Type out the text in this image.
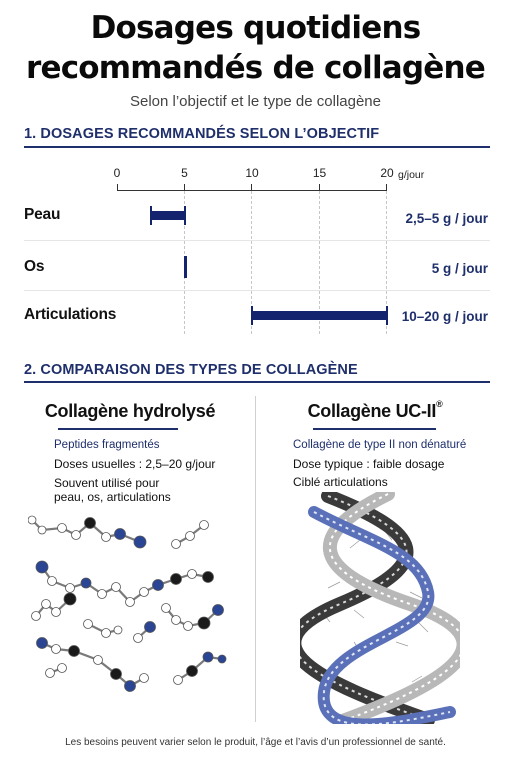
Dosages quotidiens
recommandés de collagène
Selon l’objectif et le type de collagène
1. DOSAGES RECOMMANDÉS SELON L’OBJECTIF
0	5	10	15	20 g/jour
Peau	2,5–5 g / jour
Os	5 g / jour
Articulations	10–20 g / jour
2. COMPARAISON DES TYPES DE COLLAGÈNE
Collagène hydrolysé
Peptides fragmentés
Doses usuelles : 2,5–20 g/jour
Souvent utilisé pour
peau, os, articulations
Collagène UC-II®
Collagène de type II non dénaturé
Dose typique : faible dosage
Ciblé articulations
Les besoins peuvent varier selon le produit, l’âge et l’avis d’un professionnel de santé.
